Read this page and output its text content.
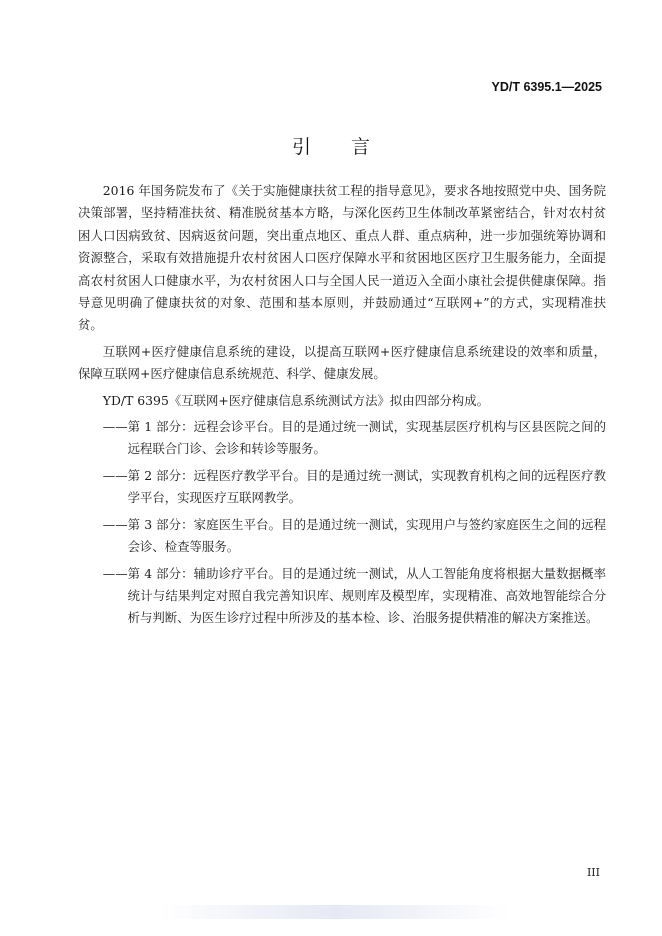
YD/T 6395.1—2025
引言

2016 年国务院发布了《关于实施健康扶贫工程的指导意见》，要求各地按照党中央、国务院决策部署，坚持精准扶贫、精准脱贫基本方略，与深化医药卫生体制改革紧密结合，针对农村贫困人口因病致贫、因病返贫问题，突出重点地区、重点人群、重点病种，进一步加强统筹协调和资源整合，采取有效措施提升农村贫困人口医疗保障水平和贫困地区医疗卫生服务能力，全面提高农村贫困人口健康水平，为农村贫困人口与全国人民一道迈入全面小康社会提供健康保障。指导意见明确了健康扶贫的对象、范围和基本原则，并鼓励通过“互联网+”的方式，实现精准扶贫。

互联网+医疗健康信息系统的建设，以提高互联网+医疗健康信息系统建设的效率和质量，保障互联网+医疗健康信息系统规范、科学、健康发展。

YD/T 6395《互联网+医疗健康信息系统测试方法》拟由四部分构成。

——第 1 部分：远程会诊平台。目的是通过统一测试，实现基层医疗机构与区县医院之间的远程联合门诊、会诊和转诊等服务。

——第 2 部分：远程医疗教学平台。目的是通过统一测试，实现教育机构之间的远程医疗教学平台，实现医疗互联网教学。

——第 3 部分：家庭医生平台。目的是通过统一测试，实现用户与签约家庭医生之间的远程会诊、检查等服务。

——第 4 部分：辅助诊疗平台。目的是通过统一测试，从人工智能角度将根据大量数据概率统计与结果判定对照自我完善知识库、规则库及模型库，实现精准、高效地智能综合分析与判断、为医生诊疗过程中所涉及的基本检、诊、治服务提供精准的解决方案推送。

III
